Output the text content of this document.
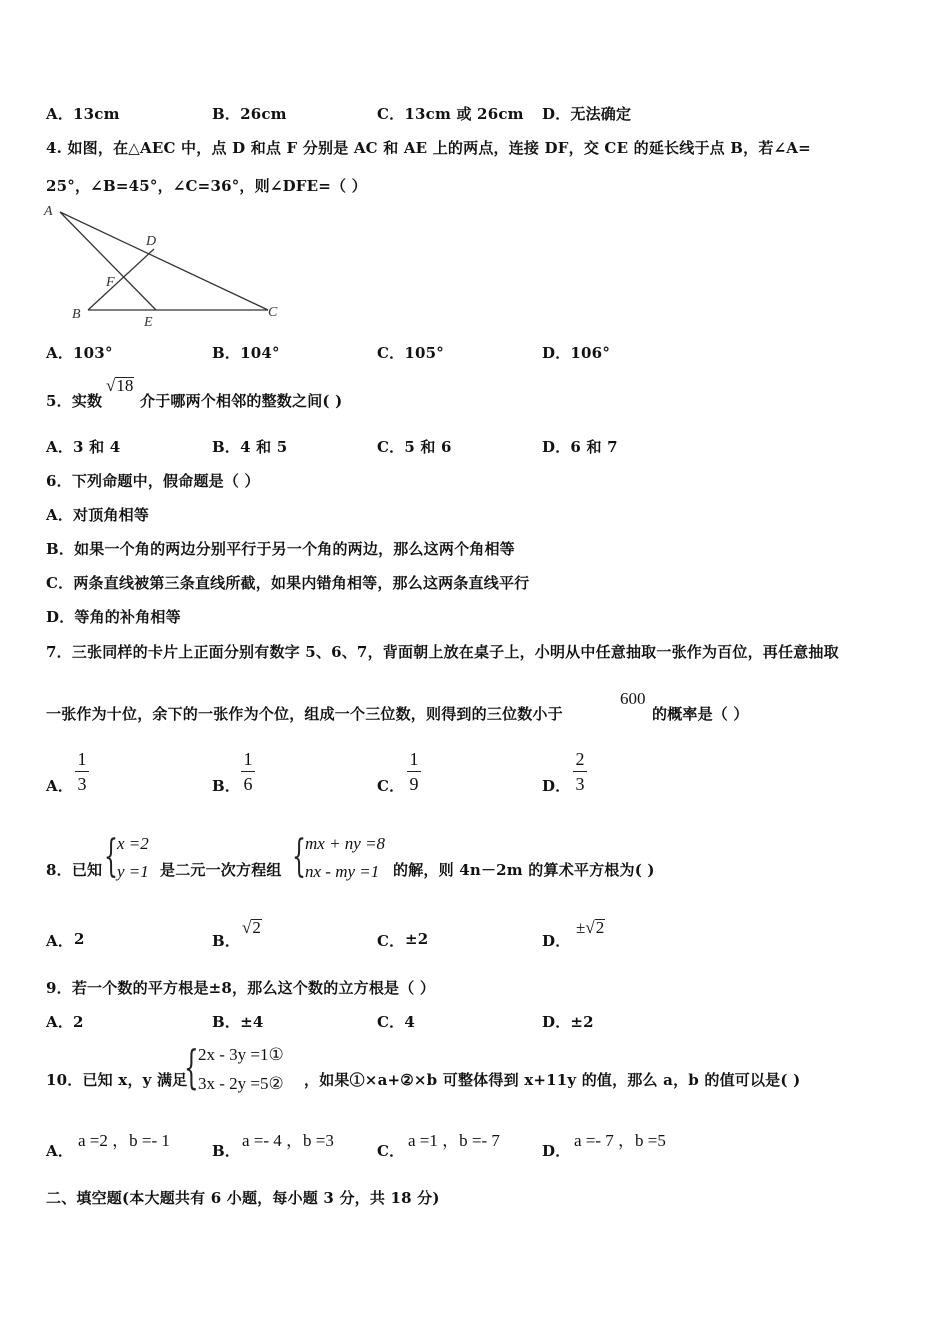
A．13cm	B．26cm	C．13cm 或 26cm D．无法确定
4. 如图，在△AEC 中，点 D 和点 F 分别是 AC 和 AE 上的两点，连接 DF，交 CE 的延长线于点 B，若∠A=
25°，∠B=45°，∠C=36°，则∠DFE=（ ）
A
D
F
B
E
C
A．103°	B．104°	C．105°	D．106°
5．实数
√18
介于哪两个相邻的整数之间( )
A．3 和 4	B．4 和 5	C．5 和 6	D．6 和 7
6．下列命题中，假命题是（ ）
A．对顶角相等
B．如果一个角的两边分别平行于另一个角的两边，那么这两个角相等
C．两条直线被第三条直线所截，如果内错角相等，那么这两条直线平行
D．等角的补角相等
7．三张同样的卡片上正面分别有数字 5、6、7，背面朝上放在桌子上，小明从中任意抽取一张作为百位，再任意抽取
一张作为十位，余下的一张作为个位，组成一个三位数，则得到的三位数小于
600
的概率是（ ）
A．
1
3	B．
1
6	C．
1
9	D．
2
3
8．已知 { x =2
y =1 是二元一次方程组 { mx + ny =8
nx - my =1 的解，则 4n－2m 的算术平方根为( )
A． 2	B．
√2
C． ±2	D．
±√2
9．若一个数的平方根是±8，那么这个数的立方根是（ ）
A．2	B．±4	C．4	D．±2
10．已知 x，y 满足
{ 2x - 3y =1①
3x - 2y =5② ，如果①×a+②×b 可整体得到 x+11y 的值，那么 a，b 的值可以是( )
A．
a =2 ，b =- 1
B．
a =- 4 ，b =3
C．
a =1 ，b =- 7
D．
a =- 7 ，b =5
二、填空题(本大题共有 6 小题，每小题 3 分，共 18 分)
